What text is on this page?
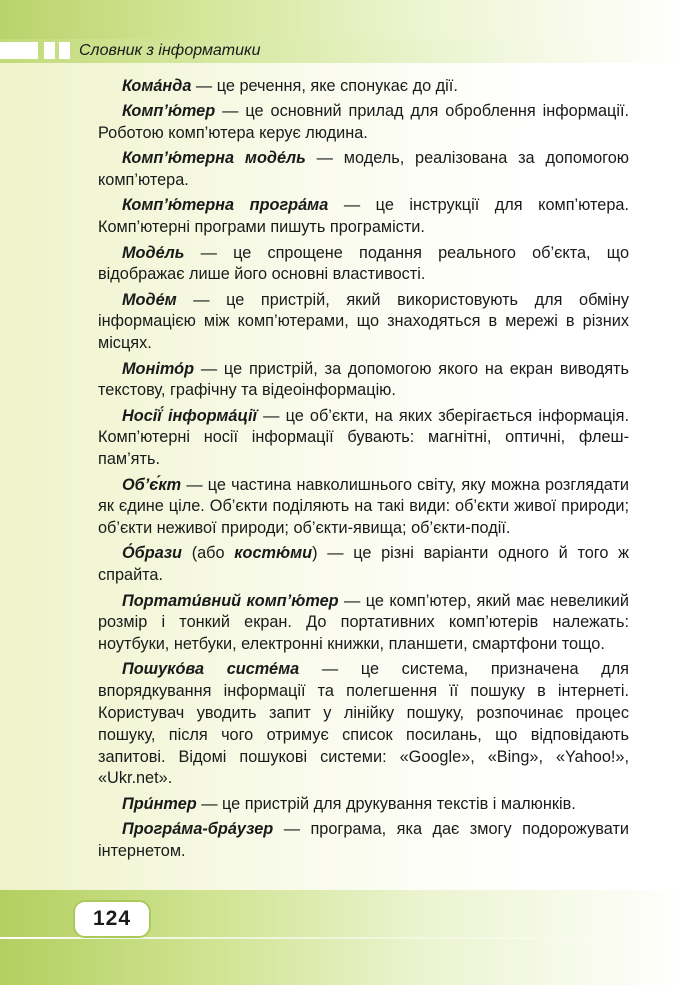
Словник з інформатики

Кома́нда — це речення, яке спонукає до дії.

Комп’ю́тер — це основний прилад для оброблення інформації. Роботою комп’ютера керує людина.

Комп’ю́терна моде́ль — модель, реалізована за допомогою комп’ютера.

Комп’ю́терна програ́ма — це інструкції для комп’ютера. Комп’ютерні програми пишуть програмісти.

Моде́ль — це спрощене подання реального об’єкта, що відображає лише його основні властивості.

Моде́м — це пристрій, який використовують для обміну інформацією між комп’ютерами, що знаходяться в мережі в різних місцях.

Моніто́р — це пристрій, за допомогою якого на екран виводять текстову, графічну та відеоінформацію.

Носії́ інформа́ції — це об’єкти, на яких зберігається інформація. Комп’ютерні носії інформації бувають: магнітні, оптичні, флеш-пам’ять.

Об’є́кт — це частина навколишнього світу, яку можна розглядати як єдине ціле. Об’єкти поділяють на такі види: об’єкти живої природи; об’єкти неживої природи; об’єкти-явища; об’єкти-події.

О́брази (або костю́ми) — це різні варіанти одного й того ж спрайта.

Портати́вний комп’ю́тер — це комп’ютер, який має невеликий розмір і тонкий екран. До портативних комп’ютерів належать: ноутбуки, нетбуки, електронні книжки, планшети, смартфони тощо.

Пошуко́ва систе́ма — це система, призначена для впорядкування інформації та полегшення її пошуку в інтернеті. Користувач уводить запит у лінійку пошуку, розпочинає процес пошуку, після чого отримує список посилань, що відповідають запитові. Відомі пошукові системи: «Google», «Bing», «Yahoo!», «Ukr.net».

При́нтер — це пристрій для друкування текстів і малюнків.

Програ́ма-бра́узер — програма, яка дає змогу подорожувати інтернетом.

124
